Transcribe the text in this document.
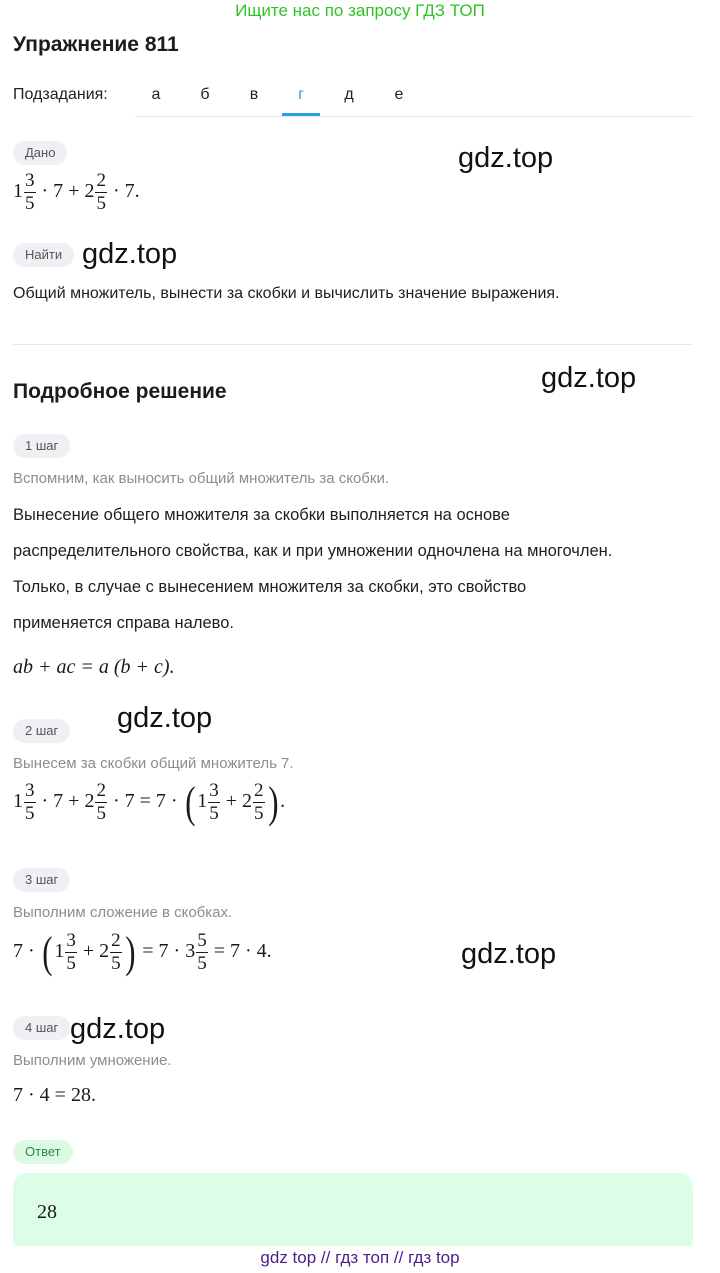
Ищите нас по запросу ГДЗ ТОП
Упражнение 811
Подзадания:	а	б	в	г	д	е
Дано
$1 \frac{3}{5} \cdot 7 + 2 \frac{2}{5} \cdot 7$.
Найти
Общий множитель, вынести за скобки и вычислить значение выражения.
Подробное решение
1 шаг
Вспомним, как выносить общий множитель за скобки.
Вынесение общего множителя за скобки выполняется на основе
распределительного свойства, как и при умножении одночлена на многочлен.
Только, в случае с вынесением множителя за скобки, это свойство
применяется справа налево.
ab + ac = a (b + c).
2 шаг
Вынесем за скобки общий множитель 7.
$1 \frac{3}{5} \cdot 7 + 2 \frac{2}{5} \cdot 7 = 7$ · ( $1 \frac{3}{5} + 2 \frac{2}{5}$ ) .
3 шаг
Выполним сложение в скобках.
7 · ( $1 \frac{3}{5} + 2 \frac{2}{5}$ ) = $7 \cdot 3 \frac{5}{5} = 7 \cdot 4$.
4 шаг
Выполним умножение.
7 · 4 = 28.
Ответ
28
gdz.top
gdz.top
gdz.top
gdz.top
gdz.top
gdz.top
gdz top // гдз топ // гдз top
